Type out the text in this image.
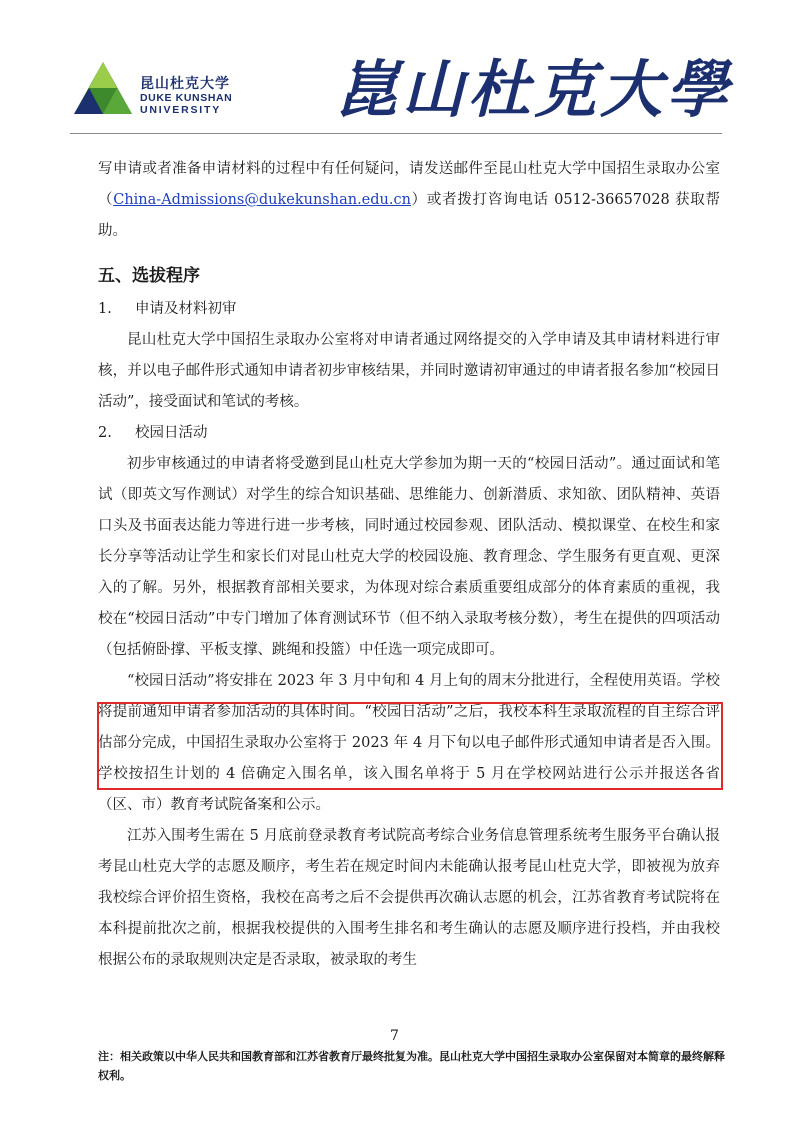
昆山杜克大学
DUKE KUNSHAN
UNIVERSITY 崑山杜克大學

写申请或者准备申请材料的过程中有任何疑问，请发送邮件至昆山杜克大学中国招生录取办公室（China-Admissions@dukekunshan.edu.cn）或者拨打咨询电话 0512-36657028 获取帮助。

五、选拔程序
1.	申请及材料初审

昆山杜克大学中国招生录取办公室将对申请者通过网络提交的入学申请及其申请材料进行审核，并以电子邮件形式通知申请者初步审核结果，并同时邀请初审通过的申请者报名参加“校园日活动”，接受面试和笔试的考核。

2.	校园日活动

初步审核通过的申请者将受邀到昆山杜克大学参加为期一天的“校园日活动”。通过面试和笔试（即英文写作测试）对学生的综合知识基础、思维能力、创新潜质、求知欲、团队精神、英语口头及书面表达能力等进行进一步考核，同时通过校园参观、团队活动、模拟课堂、在校生和家长分享等活动让学生和家长们对昆山杜克大学的校园设施、教育理念、学生服务有更直观、更深入的了解。另外，根据教育部相关要求，为体现对综合素质重要组成部分的体育素质的重视，我校在“校园日活动”中专门增加了体育测试环节（但不纳入录取考核分数），考生在提供的四项活动（包括俯卧撑、平板支撑、跳绳和投篮）中任选一项完成即可。

“校园日活动”将安排在 2023 年 3 月中旬和 4 月上旬的周末分批进行，全程使用英语。学校将提前通知申请者参加活动的具体时间。“校园日活动”之后，我校本科生录取流程的自主综合评估部分完成，中国招生录取办公室将于 2023 年 4 月下旬以电子邮件形式通知申请者是否入围。学校按招生计划的 4 倍确定入围名单，该入围名单将于 5 月在学校网站进行公示并报送各省（区、市）教育考试院备案和公示。

江苏入围考生需在 5 月底前登录教育考试院高考综合业务信息管理系统考生服务平台确认报考昆山杜克大学的志愿及顺序，考生若在规定时间内未能确认报考昆山杜克大学，即被视为放弃我校综合评价招生资格，我校在高考之后不会提供再次确认志愿的机会，江苏省教育考试院将在本科提前批次之前，根据我校提供的入围考生排名和考生确认的志愿及顺序进行投档，并由我校根据公布的录取规则决定是否录取，被录取的考生

7
注：相关政策以中华人民共和国教育部和江苏省教育厅最终批复为准。昆山杜克大学中国招生录取办公室保留对本简章的最终解释权利。
